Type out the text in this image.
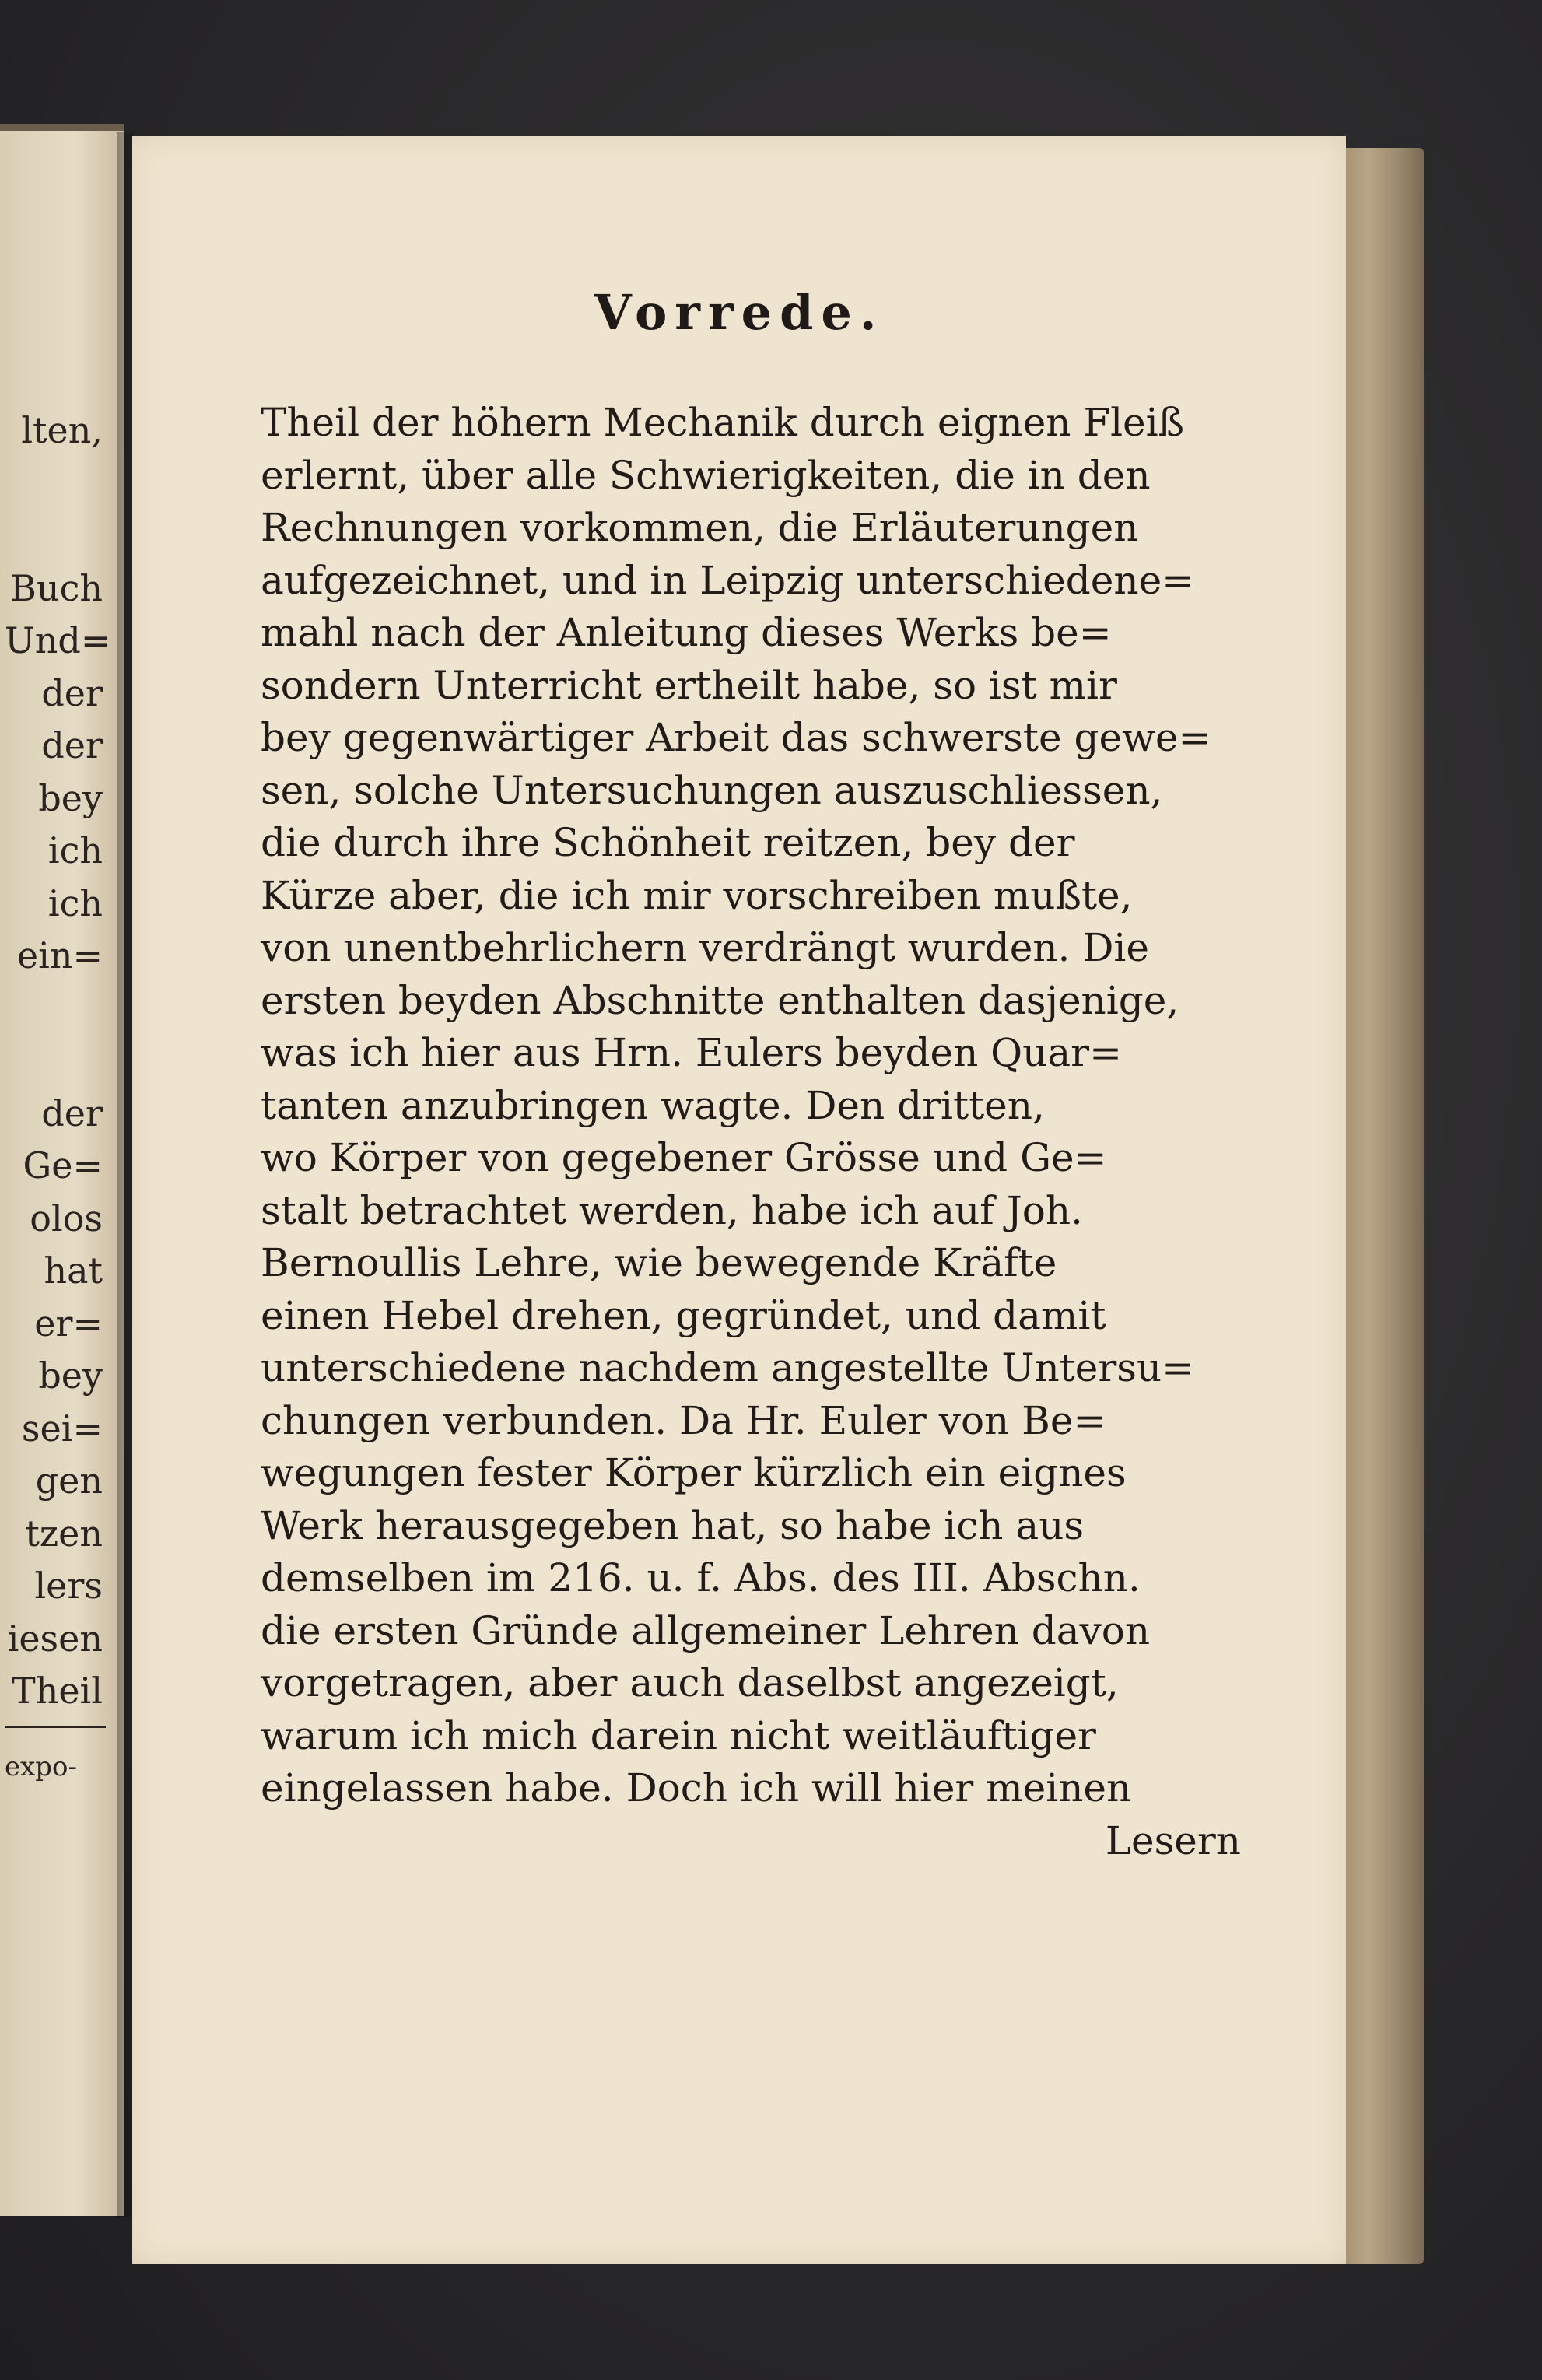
lten,
Buch
Und=
der
der
bey
ich
ich
ein=
der
Ge=
olos
hat
er=
bey
sei=
gen
tzen
lers
iesen
Theil
expo-
Vorrede.
Theil der höhern Mechanik durch eignen Fleiß
erlernt, über alle Schwierigkeiten, die in den
Rechnungen vorkommen, die Erläuterungen
aufgezeichnet, und in Leipzig unterschiedene=
mahl nach der Anleitung dieses Werks be=
sondern Unterricht ertheilt habe, so ist mir
bey gegenwärtiger Arbeit das schwerste gewe=
sen, solche Untersuchungen auszuschliessen,
die durch ihre Schönheit reitzen, bey der
Kürze aber, die ich mir vorschreiben mußte,
von unentbehrlichern verdrängt wurden. Die
ersten beyden Abschnitte enthalten dasjenige,
was ich hier aus Hrn. Eulers beyden Quar=
tanten anzubringen wagte. Den dritten,
wo Körper von gegebener Grösse und Ge=
stalt betrachtet werden, habe ich auf Joh.
Bernoullis Lehre, wie bewegende Kräfte
einen Hebel drehen, gegründet, und damit
unterschiedene nachdem angestellte Untersu=
chungen verbunden. Da Hr. Euler von Be=
wegungen fester Körper kürzlich ein eignes
Werk herausgegeben hat, so habe ich aus
demselben im 216. u. f. Abs. des III. Abschn.
die ersten Gründe allgemeiner Lehren davon
vorgetragen, aber auch daselbst angezeigt,
warum ich mich darein nicht weitläuftiger
eingelassen habe. Doch ich will hier meinen
Lesern
